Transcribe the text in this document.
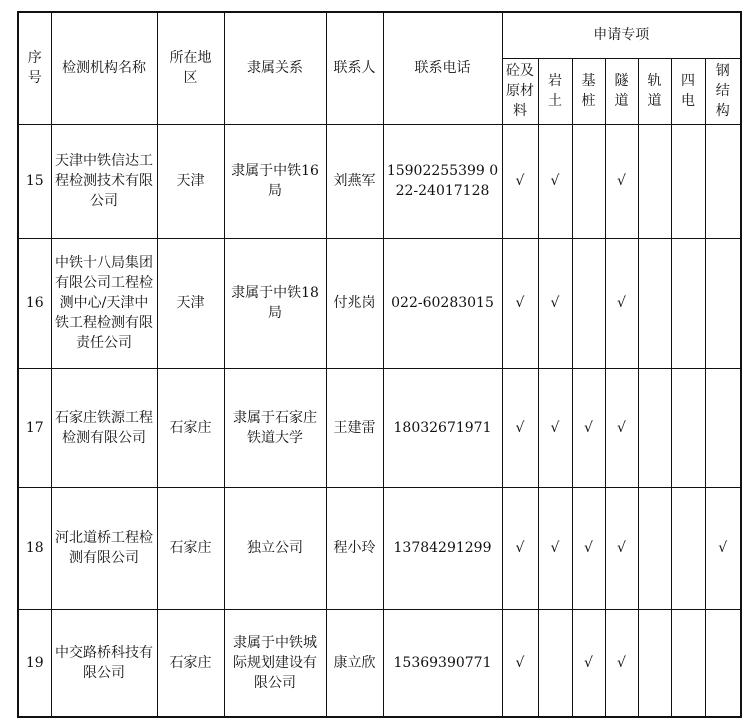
序号	检测机构名称	所在地区	隶属关系	联系人	联系电话	申请专项						
						砼及原材料	岩土	基桩	隧道	轨道	四电	钢结构
15	天津中铁信达工程检测技术有限公司	天津	隶属于中铁16局	刘燕军	15902255399 022-24017128	√	√		√			
16	中铁十八局集团有限公司工程检测中心/天津中铁工程检测有限责任公司	天津	隶属于中铁18局	付兆岗	022-60283015	√	√		√			
17	石家庄铁源工程检测有限公司	石家庄	隶属于石家庄铁道大学	王建雷	18032671971	√	√	√	√			
18	河北道桥工程检测有限公司	石家庄	独立公司	程小玲	13784291299	√	√	√	√			√
19	中交路桥科技有限公司	石家庄	隶属于中铁城际规划建设有限公司	康立欣	15369390771	√		√	√			
